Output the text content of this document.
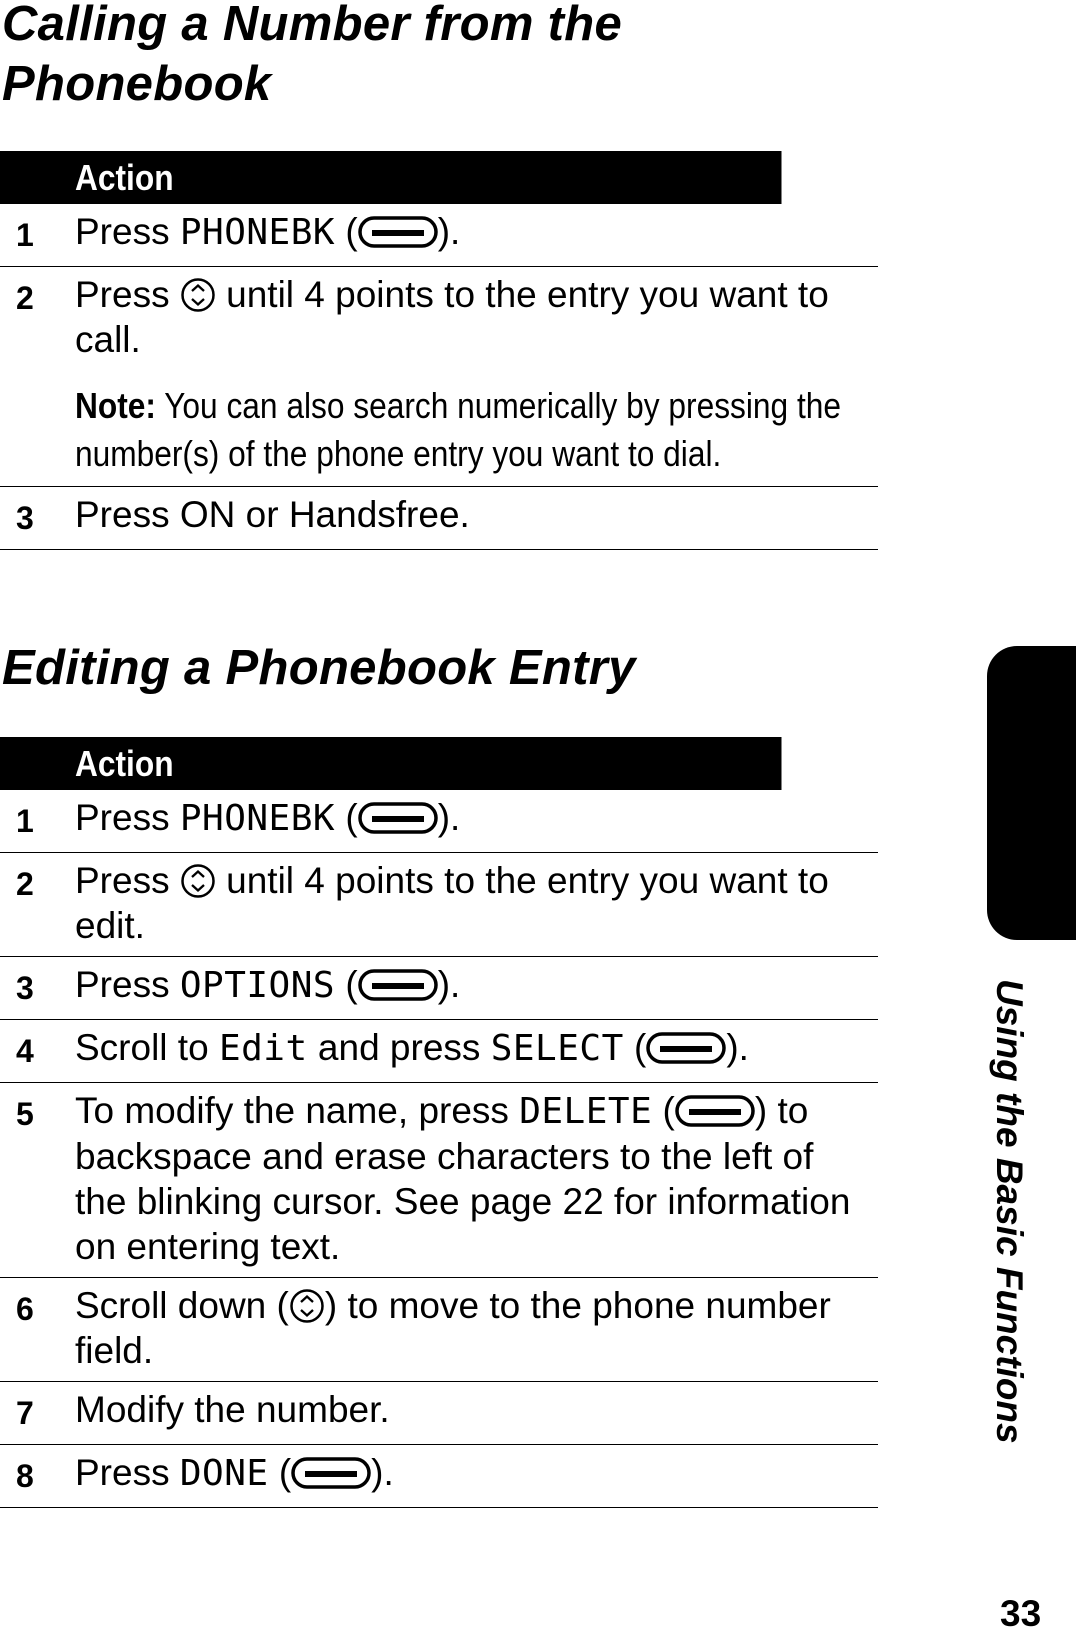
Calling a Number from the Phonebook
	Action
1	Press PHONEBK ( ).
2	Press  until 4 points to the entry you want to call.
Note: You can also search numerically by pressing the number(s) of the phone entry you want to dial.

3	Press ON or Handsfree.
Editing a Phonebook Entry
	Action
1	Press PHONEBK ( ).
2	Press  until 4 points to the entry you want to edit.
3	Press OPTIONS ( ).
4	Scroll to Edit and press SELECT ( ).
5	To modify the name, press DELETE ( ) to backspace and erase characters to the left of the blinking cursor. See page 22 for information on entering text.
6	Scroll down ( ) to move to the phone number field.
7	Modify the number.
8	Press DONE ( ).
Using the Basic Functions
33
